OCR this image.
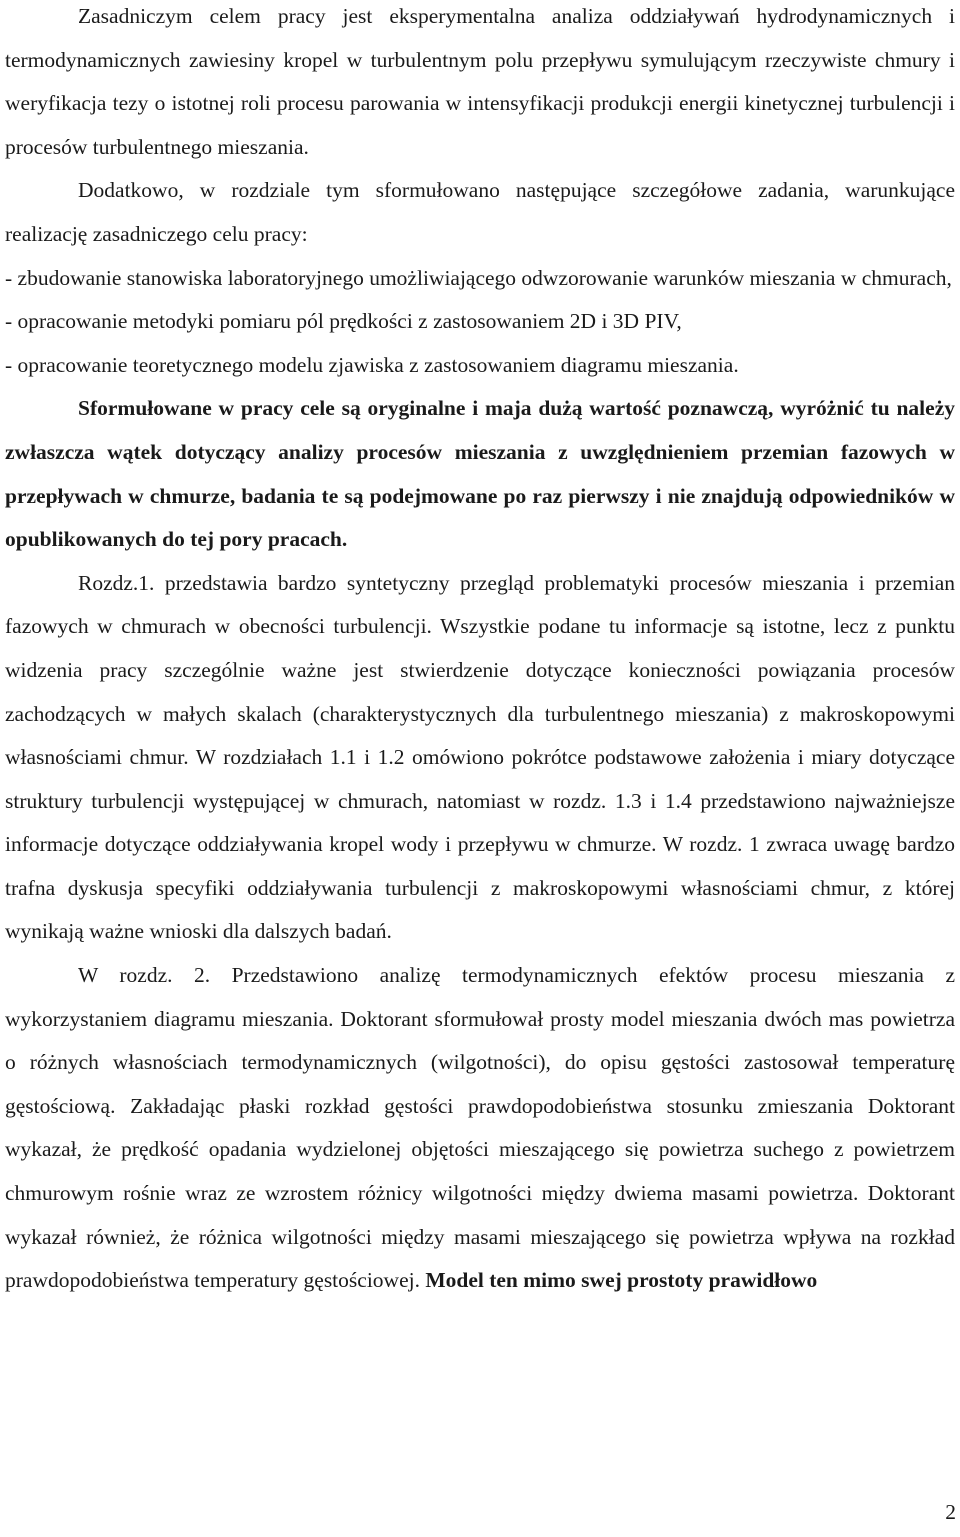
Zasadniczym celem pracy jest eksperymentalna analiza oddziaływań hydrodynamicznych i termodynamicznych zawiesiny kropel w turbulentnym polu przepływu symulującym rzeczywiste chmury i weryfikacja tezy o istotnej roli procesu parowania w intensyfikacji produkcji energii kinetycznej turbulencji i procesów turbulentnego mieszania.

Dodatkowo, w rozdziale tym sformułowano następujące szczegółowe zadania, warunkujące realizację zasadniczego celu pracy:

- zbudowanie stanowiska laboratoryjnego umożliwiającego odwzorowanie warunków mieszania w chmurach,

- opracowanie metodyki pomiaru pól prędkości z zastosowaniem 2D i 3D PIV,

- opracowanie teoretycznego modelu zjawiska z zastosowaniem diagramu mieszania.

Sformułowane w pracy cele są oryginalne i maja dużą wartość poznawczą, wyróżnić tu należy zwłaszcza wątek dotyczący analizy procesów mieszania z uwzględnieniem przemian fazowych w przepływach w chmurze, badania te są podejmowane po raz pierwszy i nie znajdują odpowiedników w opublikowanych do tej pory pracach.

Rozdz.1. przedstawia bardzo syntetyczny przegląd problematyki procesów mieszania i przemian fazowych w chmurach w obecności turbulencji. Wszystkie podane tu informacje są istotne, lecz z punktu widzenia pracy szczególnie ważne jest stwierdzenie dotyczące konieczności powiązania procesów zachodzących w małych skalach (charakterystycznych dla turbulentnego mieszania) z makroskopowymi własnościami chmur. W rozdziałach 1.1 i 1.2 omówiono pokrótce podstawowe założenia i miary dotyczące struktury turbulencji występującej w chmurach, natomiast w rozdz. 1.3 i 1.4 przedstawiono najważniejsze informacje dotyczące oddziaływania kropel wody i przepływu w chmurze. W rozdz. 1 zwraca uwagę bardzo trafna dyskusja specyfiki oddziaływania turbulencji z makroskopowymi własnościami chmur, z której wynikają ważne wnioski dla dalszych badań.

W rozdz. 2. Przedstawiono analizę termodynamicznych efektów procesu mieszania z wykorzystaniem diagramu mieszania. Doktorant sformułował prosty model mieszania dwóch mas powietrza o różnych własnościach termodynamicznych (wilgotności), do opisu gęstości zastosował temperaturę gęstościową. Zakładając płaski rozkład gęstości prawdopodobieństwa stosunku zmieszania Doktorant wykazał, że prędkość opadania wydzielonej objętości mieszającego się powietrza suchego z powietrzem chmurowym rośnie wraz ze wzrostem różnicy wilgotności między dwiema masami powietrza. Doktorant wykazał również, że różnica wilgotności między masami mieszającego się powietrza wpływa na rozkład prawdopodobieństwa temperatury gęstościowej. Model ten mimo swej prostoty prawidłowo

2
